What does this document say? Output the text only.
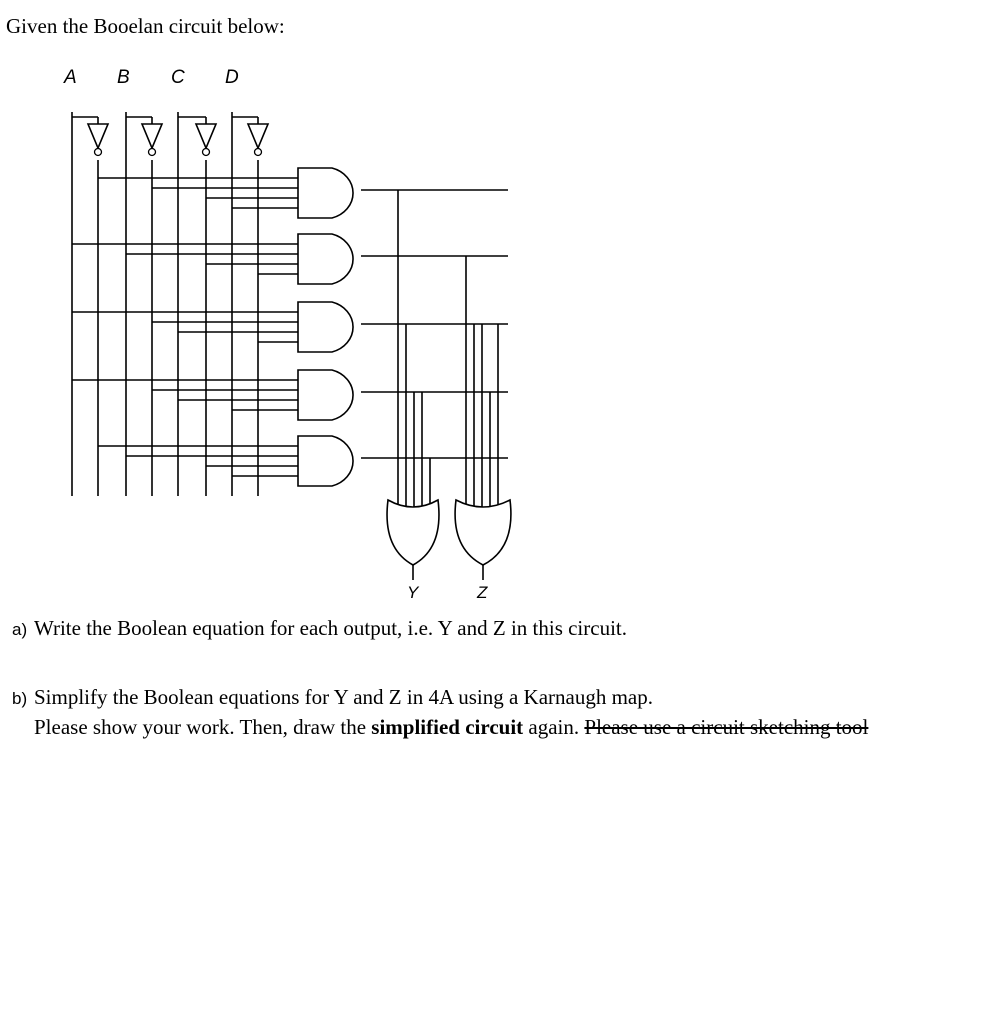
Given the Booelan circuit below:
A B C D
Y	Z
a) Write the Boolean equation for each output, i.e. Y and Z in this circuit.
b) Simplify the Boolean equations for Y and Z in 4A using a Karnaugh map.
Please show your work. Then, draw the simplified circuit again. Please use a circuit sketching tool
